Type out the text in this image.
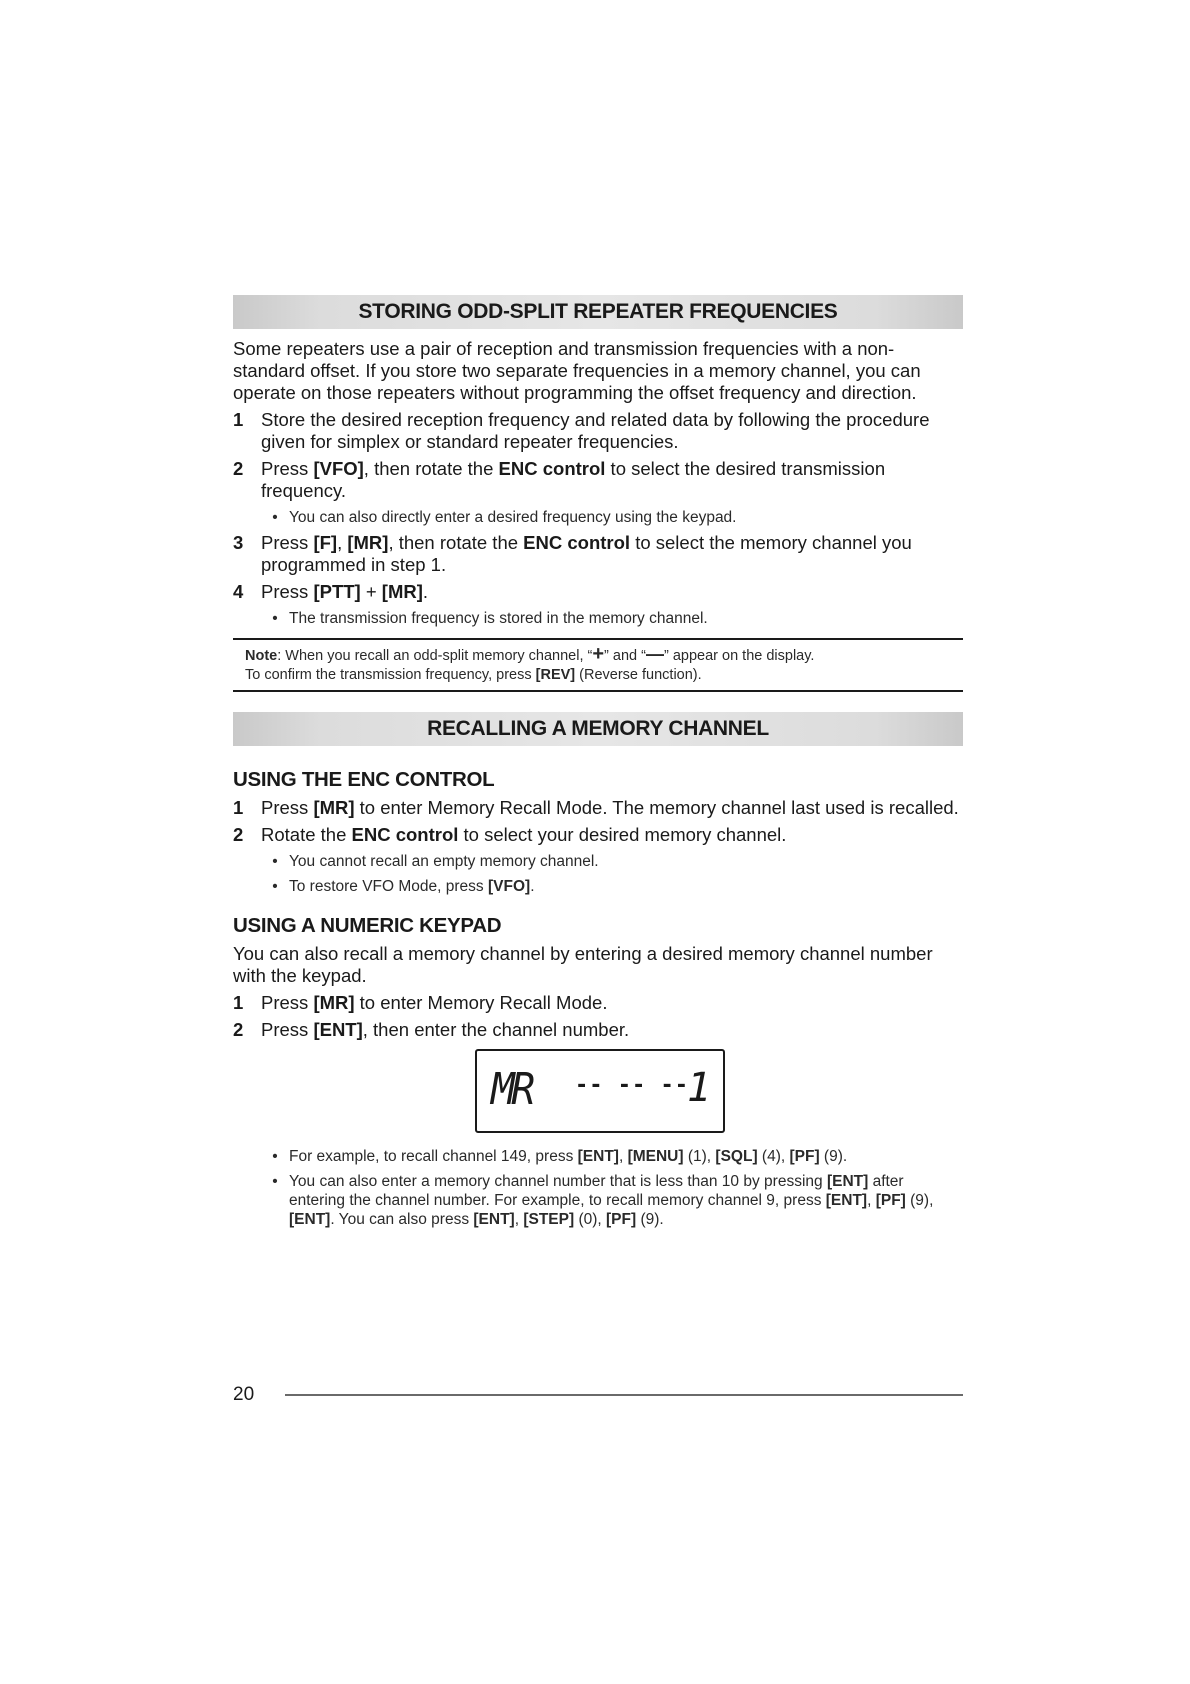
STORING ODD-SPLIT REPEATER FREQUENCIES

Some repeaters use a pair of reception and transmission frequencies with a non-standard offset. If you store two separate frequencies in a memory channel, you can operate on those repeaters without programming the offset frequency and direction.

1 Store the desired reception frequency and related data by following the procedure given for simplex or standard repeater frequencies.
2 Press [VFO], then rotate the ENC control to select the desired transmission frequency.
• You can also directly enter a desired frequency using the keypad.
3 Press [F], [MR], then rotate the ENC control to select the memory channel you programmed in step 1.
4 Press [PTT] + [MR].
• The transmission frequency is stored in the memory channel.
Note: When you recall an odd-split memory channel, “+” and “—” appear on the display.
To confirm the transmission frequency, press [REV] (Reverse function).
RECALLING A MEMORY CHANNEL
USING THE ENC CONTROL
1 Press [MR] to enter Memory Recall Mode. The memory channel last used is recalled.
2 Rotate the ENC control to select your desired memory channel.
• You cannot recall an empty memory channel.
• To restore VFO Mode, press [VFO].
USING A NUMERIC KEYPAD

You can also recall a memory channel by entering a desired memory channel number with the keypad.

1 Press [MR] to enter Memory Recall Mode.
2 Press [ENT], then enter the channel number.
MR -- -- --
1
• For example, to recall channel 149, press [ENT], [MENU] (1), [SQL] (4), [PF] (9).
• You can also enter a memory channel number that is less than 10 by pressing [ENT] after entering the channel number. For example, to recall memory channel 9, press [ENT], [PF] (9), [ENT]. You can also press [ENT], [STEP] (0), [PF] (9).
20
